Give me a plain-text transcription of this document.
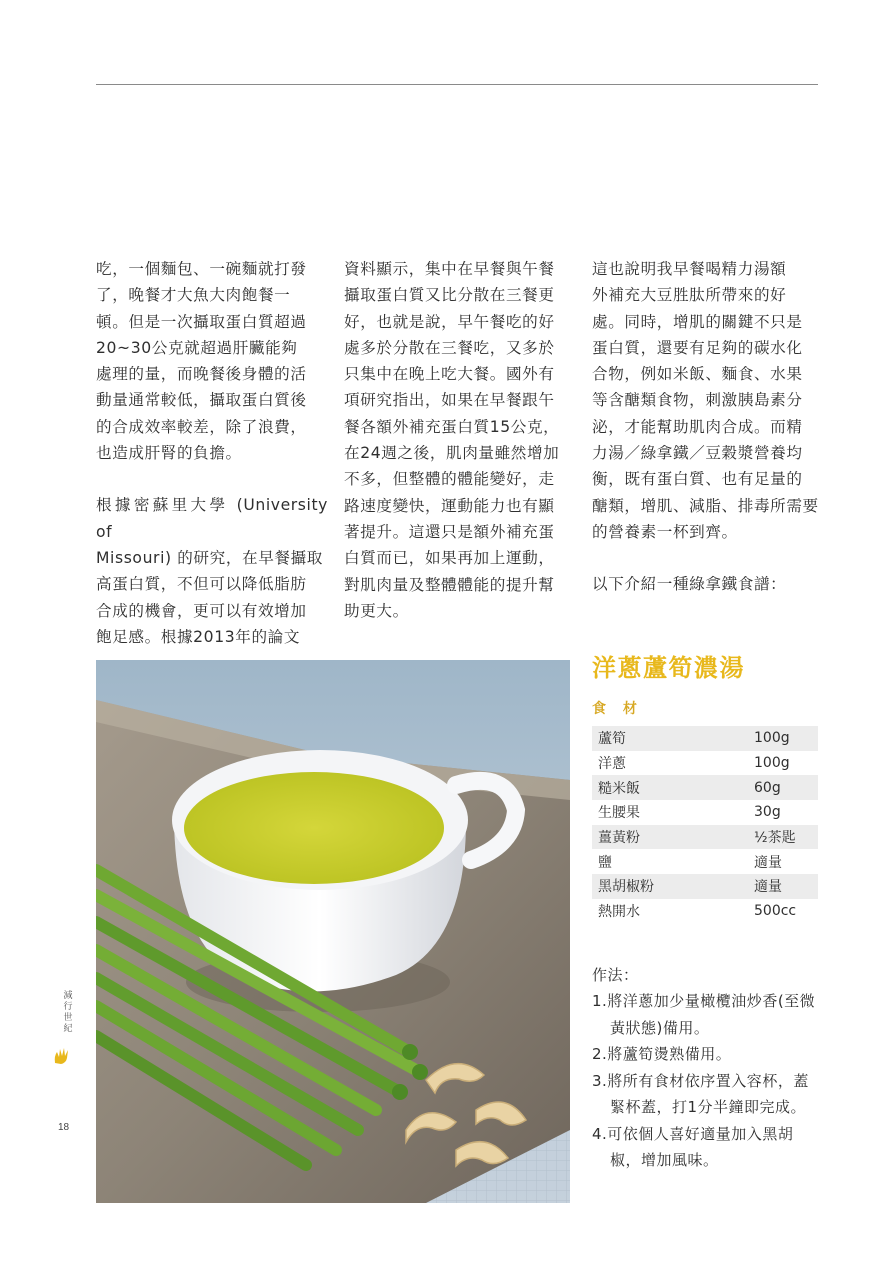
吃，一個麵包、一碗麵就打發
了，晚餐才大魚大肉飽餐一
頓。但是一次攝取蛋白質超過
20~30公克就超過肝臟能夠
處理的量，而晚餐後身體的活
動量通常較低，攝取蛋白質後
的合成效率較差，除了浪費，
也造成肝腎的負擔。

根據密蘇里大學 (University of
Missouri) 的研究，在早餐攝取
高蛋白質，不但可以降低脂肪
合成的機會，更可以有效增加
飽足感。根據2013年的論文

資料顯示，集中在早餐與午餐
攝取蛋白質又比分散在三餐更
好，也就是說，早午餐吃的好
處多於分散在三餐吃，又多於
只集中在晚上吃大餐。國外有
項研究指出，如果在早餐跟午
餐各額外補充蛋白質15公克，
在24週之後，肌肉量雖然增加
不多，但整體的體能變好，走
路速度變快，運動能力也有顯
著提升。這還只是額外補充蛋
白質而已，如果再加上運動，
對肌肉量及整體體能的提升幫
助更大。

這也說明我早餐喝精力湯額
外補充大豆胜肽所帶來的好
處。同時，增肌的關鍵不只是
蛋白質，還要有足夠的碳水化
合物，例如米飯、麵食、水果
等含醣類食物，刺激胰島素分
泌，才能幫助肌肉合成。而精
力湯／綠拿鐵／豆穀漿營養均
衡，既有蛋白質、也有足量的
醣類，增肌、減脂、排毒所需要
的營養素一杯到齊。

以下介紹一種綠拿鐵食譜：

洋蔥蘆筍濃湯
食 材
蘆筍	100g
洋蔥	100g
糙米飯	60g
生腰果	30g
薑黃粉	½茶匙
鹽	適量
黑胡椒粉	適量
熱開水	500cc

作法：

1.將洋蔥加少量橄欖油炒香(至微黃狀態)備用。

2.將蘆筍燙熟備用。

3.將所有食材依序置入容杯，蓋緊杯蓋，打1分半鐘即完成。

4.可依個人喜好適量加入黑胡椒，增加風味。

減行世紀
18
